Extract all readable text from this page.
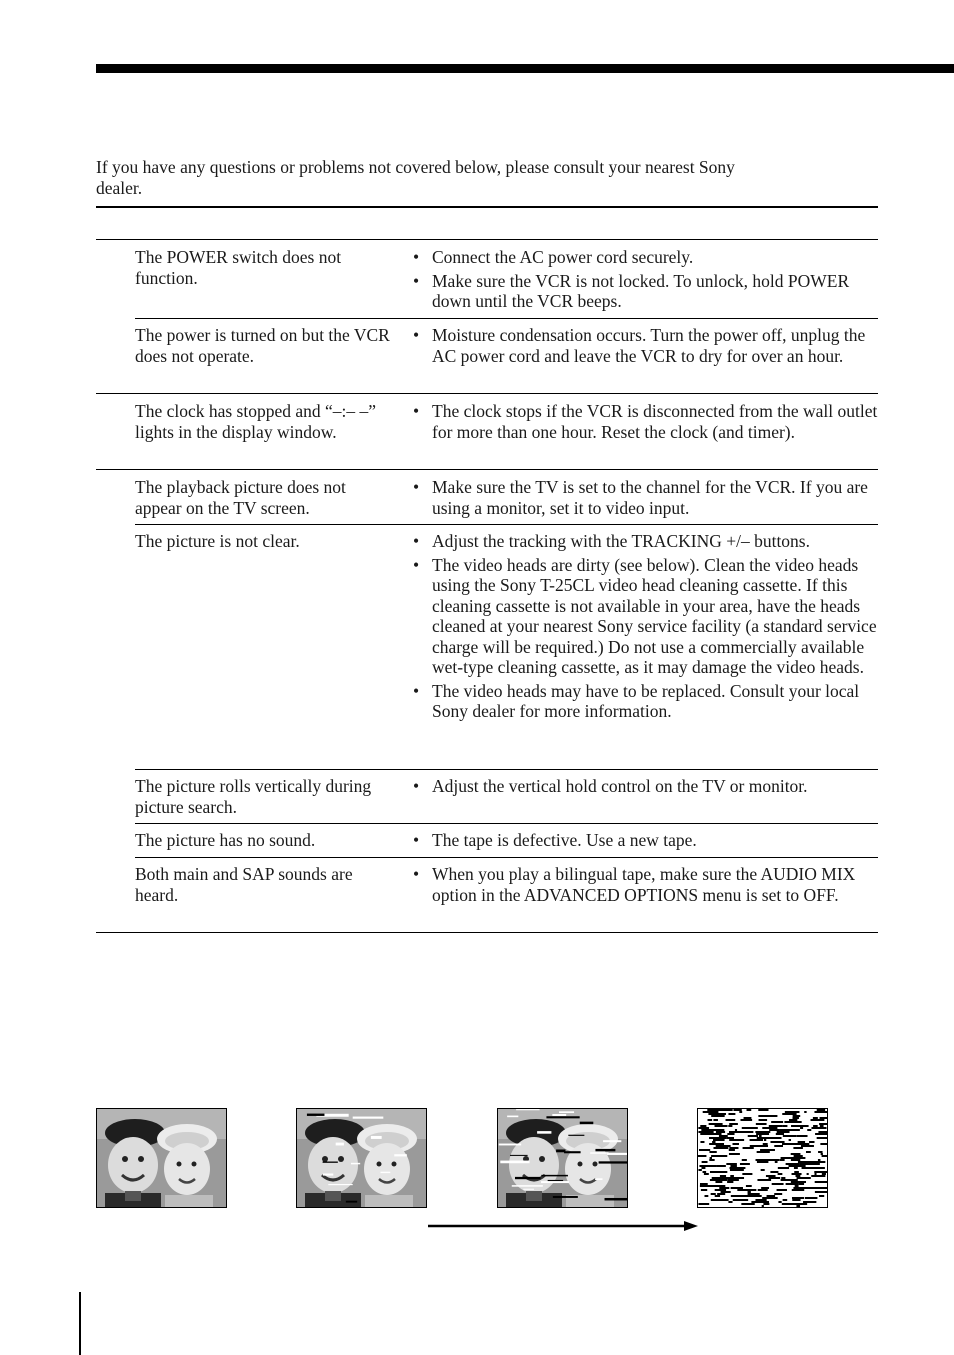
If you have any questions or problems not covered below, please consult your nearest Sony dealer.
The POWER switch does not function.
• Connect the AC power cord securely.
• Make sure the VCR is not locked. To unlock, hold POWER down until the VCR beeps.
The power is turned on but the VCR does not operate.
• Moisture condensation occurs. Turn the power off, unplug the AC power cord and leave the VCR to dry for over an hour.
The clock has stopped and “–:– –” lights in the display window.
• The clock stops if the VCR is disconnected from the wall outlet for more than one hour. Reset the clock (and timer).
The playback picture does not appear on the TV screen.
• Make sure the TV is set to the channel for the VCR. If you are using a monitor, set it to video input.
The picture is not clear.	• Adjust the tracking with the TRACKING +/– buttons.
• The video heads are dirty (see below). Clean the video heads using the Sony T-25CL video head cleaning cassette. If this cleaning cassette is not available in your area, have the heads cleaned at your nearest Sony service facility (a standard service charge will be required.) Do not use a commercially available wet-type cleaning cassette, as it may damage the video heads.
• The video heads may have to be replaced. Consult your local Sony dealer for more information.
The picture rolls vertically during picture search.
• Adjust the vertical hold control on the TV or monitor.
The picture has no sound.	• The tape is defective. Use a new tape.
Both main and SAP sounds are heard.
• When you play a bilingual tape, make sure the AUDIO MIX option in the ADVANCED OPTIONS menu is set to OFF.
